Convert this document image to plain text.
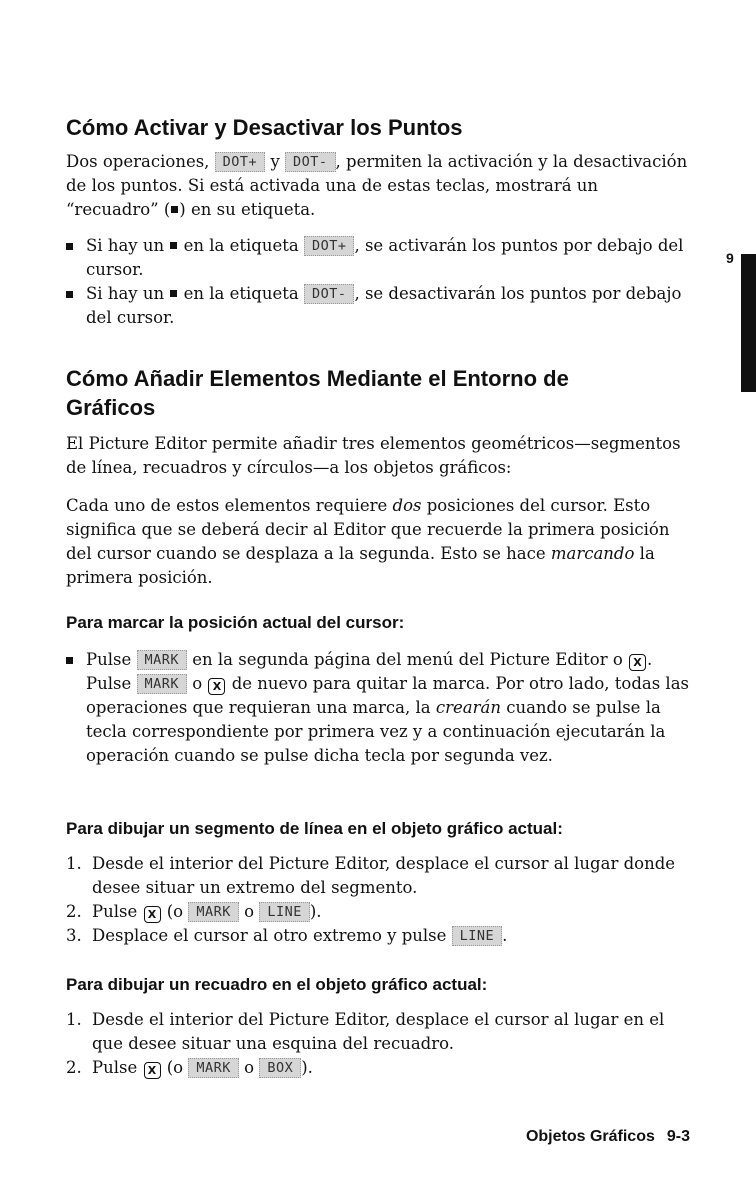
Cómo Activar y Desactivar los Puntos

Dos operaciones, DOT+ y DOT- , permiten la activación y la desactivación de los puntos. Si está activada una de estas teclas, mostrará un “recuadro” ( ) en su etiqueta.

Si hay un en la etiqueta DOT+ , se activarán los puntos por debajo del cursor.
Si hay un en la etiqueta DOT- , se desactivarán los puntos por debajo del cursor.
Cómo Añadir Elementos Mediante el Entorno de Gráficos

El Picture Editor permite añadir tres elementos geométricos—segmentos de línea, recuadros y círculos—a los objetos gráficos:

Cada uno de estos elementos requiere dos posiciones del cursor. Esto significa que se deberá decir al Editor que recuerde la primera posición del cursor cuando se desplaza a la segunda. Esto se hace marcando la primera posición.

Para marcar la posición actual del cursor:
Pulse MARK en la segunda página del menú del Picture Editor o X . Pulse MARK o X de nuevo para quitar la marca. Por otro lado, todas las operaciones que requieran una marca, la crearán cuando se pulse la tecla correspondiente por primera vez y a continuación ejecutarán la operación cuando se pulse dicha tecla por segunda vez.
Para dibujar un segmento de línea en el objeto gráfico actual:
1. Desde el interior del Picture Editor, desplace el cursor al lugar donde desee situar un extremo del segmento.
2. Pulse X (o MARK o LINE ).
3. Desplace el cursor al otro extremo y pulse LINE .
Para dibujar un recuadro en el objeto gráfico actual:
1. Desde el interior del Picture Editor, desplace el cursor al lugar en el que desee situar una esquina del recuadro.
2. Pulse X (o MARK o BOX ).
9
Objetos Gráficos 9-3
